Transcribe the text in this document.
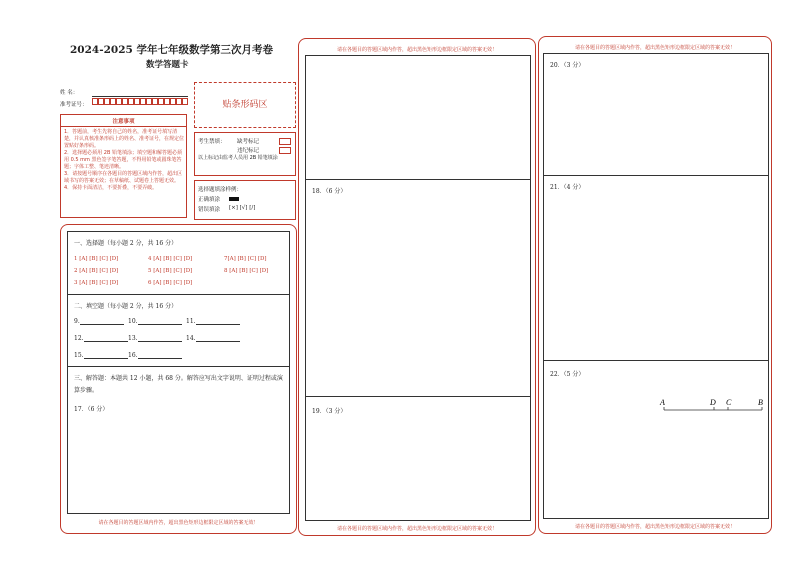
2024-2025 学年七年级数学第三次月考卷
数学答题卡
姓 名：
准考证号：	贴条形码区
注意事项
1．答题前，考生先将自己的姓名，准考证号填写清楚，并认真核准条形码上的姓名、准考证号，在规定位置贴好条形码。
2．选择题必须用 2B 铅笔填涂；填空题和解答题必须用 0.5 mm 黑色签字笔答题，不得用铅笔或圆珠笔答题；字体工整、笔迹清晰。
3．请按题号顺序在各题目的答题区域内作答，超出区域书写的答案无效；在草稿纸、试题卷上答题无效。
4．保持卡面清洁，不要折叠，不要弄破。
考生禁填： 缺考标记
违纪标记
以上标记由监考人员用 2B 铅笔填涂
选择题填涂样例：
正确填涂
错误填涂 [×] [√] [/]
一、选择题（每小题 2 分，共 16 分）
1 [A] [B] [C] [D]	4 [A] [B] [C] [D]	7[A] [B] [C] [D]
2 [A] [B] [C] [D]	5 [A] [B] [C] [D]	8 [A] [B] [C] [D]
3 [A] [B] [C] [D]	6 [A] [B] [C] [D]
二、填空题（每小题 2 分，共 16 分）
9.	10.	11.
12.	13.	14.
15.	16.
三、解答题：本题共 12 小题，共 68 分。解答应写出文字说明、证明过程或演算步骤。
17．（6 分）
请在各题目的答题区域内作答，超出黑色矩形边框限定区域的答案无效！
请在各题目的答题区域内作答，超出黑色矩形边框限定区域的答案无效！
18．（6 分）
19．（3 分）
请在各题目的答题区域内作答，超出黑色矩形边框限定区域的答案无效！
请在各题目的答题区域内作答，超出黑色矩形边框限定区域的答案无效！
20．（3 分）
21．（4 分）
22．（5 分）
A	D C	B
请在各题目的答题区域内作答，超出黑色矩形边框限定区域的答案无效！
